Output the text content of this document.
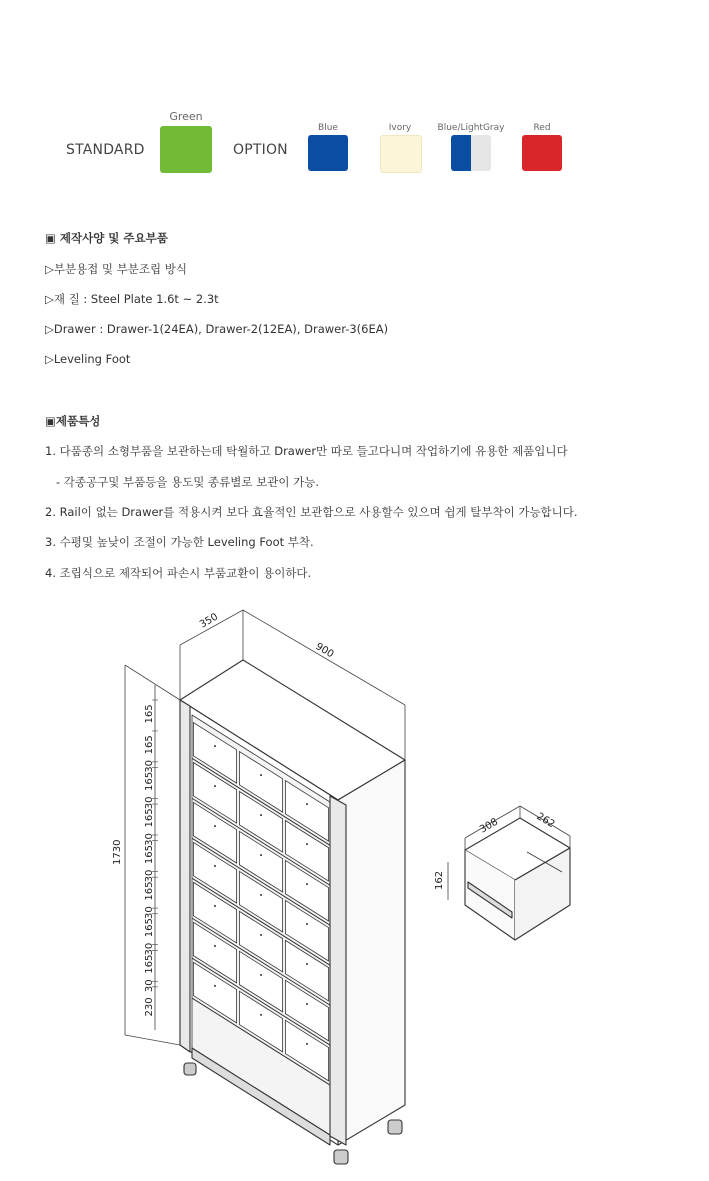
STANDARD
Green
OPTION
Blue	Ivory	Blue/LightGray	Red
▣ 제작사양 및 주요부품
▷부분용접 및 부분조립 방식
▷재 질 : Steel Plate 1.6t ~ 2.3t
▷Drawer : Drawer-1(24EA), Drawer-2(12EA), Drawer-3(6EA)
▷Leveling Foot
▣제품특성
1. 다품종의 소형부품을 보관하는데 탁월하고 Drawer만 따로 들고다니며 작업하기에 유용한 제품입니다
- 각종공구및 부품등을 용도및 종류별로 보관이 가능.
2. Rail이 없는 Drawer를 적용시켜 보다 효율적인 보관함으로 사용할수 있으며 쉽게 탈부착이 가능합니다.
3. 수평및 높낮이 조절이 가능한 Leveling Foot 부착.
4. 조립식으로 제작되어 파손시 부품교환이 용이하다.
350
900
1730
165
165
30
165
30
165
30
165
30
165
30
165
30
165
30
230
308	262
162
